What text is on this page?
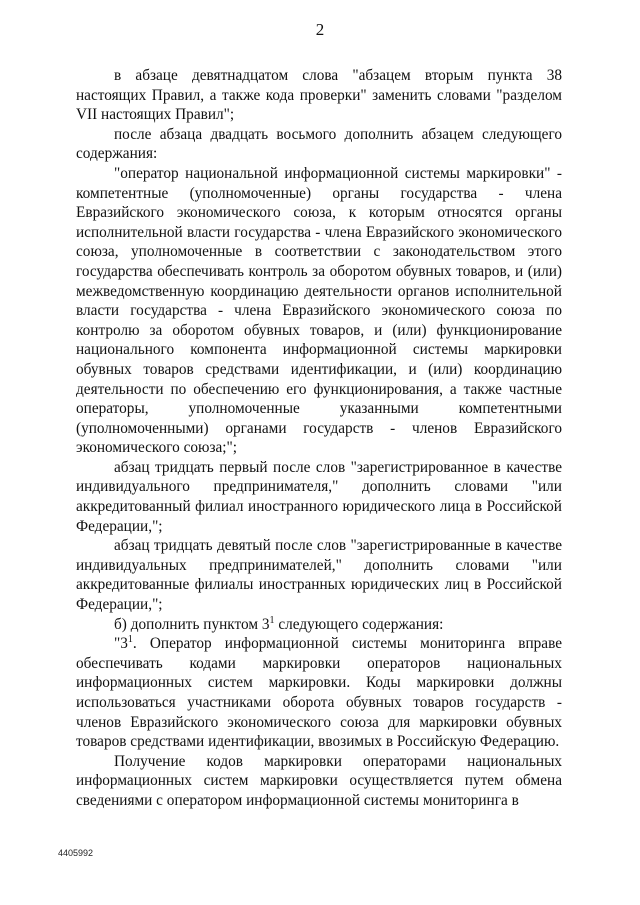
2

в абзаце девятнадцатом слова "абзацем вторым пункта 38 настоящих Правил, а также кода проверки" заменить словами "разделом VII настоящих Правил";

после абзаца двадцать восьмого дополнить абзацем следующего содержания:

"оператор национальной информационной системы маркировки" - компетентные (уполномоченные) органы государства - члена Евразийского экономического союза, к которым относятся органы исполнительной власти государства - члена Евразийского экономического союза, уполномоченные в соответствии с законодательством этого государства обеспечивать контроль за оборотом обувных товаров, и (или) межведомственную координацию деятельности органов исполнительной власти государства - члена Евразийского экономического союза по контролю за оборотом обувных товаров, и (или) функционирование национального компонента информационной системы маркировки обувных товаров средствами идентификации, и (или) координацию деятельности по обеспечению его функционирования, а также частные операторы, уполномоченные указанными компетентными (уполномоченными) органами государств - членов Евразийского экономического союза;";

абзац тридцать первый после слов "зарегистрированное в качестве индивидуального предпринимателя," дополнить словами "или аккредитованный филиал иностранного юридического лица в Российской Федерации,";

абзац тридцать девятый после слов "зарегистрированные в качестве индивидуальных предпринимателей," дополнить словами "или аккредитованные филиалы иностранных юридических лиц в Российской Федерации,";

б) дополнить пунктом $3^1$ следующего содержания:

"$3^1$. Оператор информационной системы мониторинга вправе обеспечивать кодами маркировки операторов национальных информационных систем маркировки. Коды маркировки должны использоваться участниками оборота обувных товаров государств - членов Евразийского экономического союза для маркировки обувных товаров средствами идентификации, ввозимых в Российскую Федерацию.

Получение кодов маркировки операторами национальных информационных систем маркировки осуществляется путем обмена сведениями с оператором информационной системы мониторинга в

4405992
